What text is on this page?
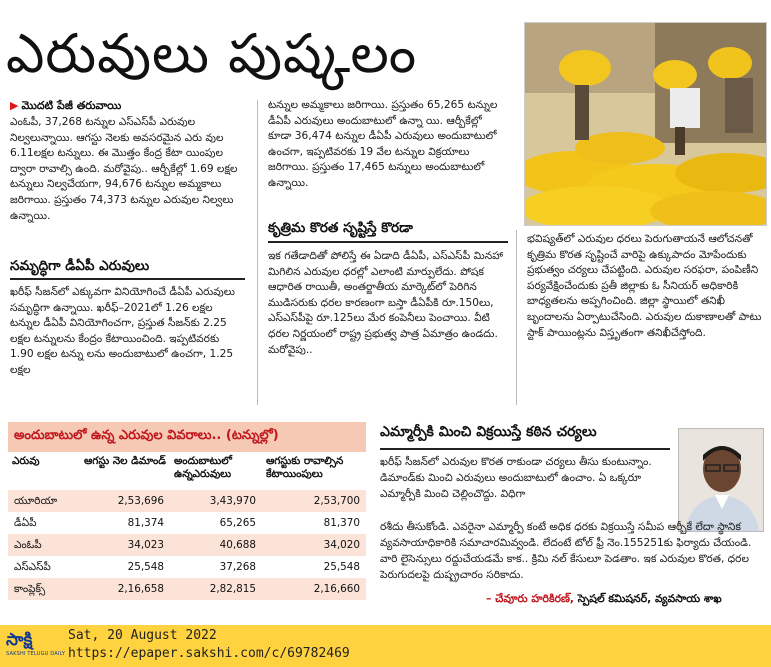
ఎరువులు పుష్కలం
▶ మొదటి పేజీ తరువాయి

ఎంఓపీ, 37,268 టన్నుల ఎస్‌ఎస్‌పీ ఎరువుల నిల్వలున్నాయి. ఆగస్టు నెలకు అవసరమైన ఎరు వుల 6.11లక్షల టన్నులు. ఈ మొత్తం కేంద్ర కేటా యింపుల ద్వారా రావాల్సి ఉంది. మరోవైపు.. ఆర్బీకేల్లో 1.69 లక్షల టన్నులు నిల్వచేయగా, 94,676 టన్నుల అమ్మకాలు జరిగాయి. ప్రస్తుతం 74,373 టన్నుల ఎరువుల నిల్వలు ఉన్నాయి.

సమృద్ధిగా డీఏపీ ఎరువులు

ఖరీఫ్ సీజన్‌లో ఎక్కువగా వినియోగించే డీఏపీ ఎరువులు సమృద్ధిగా ఉన్నాయి. ఖరీఫ్–2021లో 1.26 లక్షల టన్నుల డీఏపీ వినియోగించగా, ప్రస్తుత సీజన్‌కు 2.25 లక్షల టన్నులను కేంద్రం కేటాయించింది. ఇప్పటివరకు 1.90 లక్షల టన్ను లను అందుబాటులో ఉంచగా, 1.25 లక్షల

టన్నుల అమ్మకాలు జరిగాయి. ప్రస్తుతం 65,265 టన్నుల డీఏపీ ఎరువులు అందుబాటులో ఉన్నా యి. ఆర్బీకేల్లో కూడా 36,474 టన్నుల డీఏపీ ఎరువులు అందుబాటులో ఉంచగా, ఇప్పటివరకు 19 వేల టన్నుల విక్రయాలు జరిగాయి. ప్రస్తుతం 17,465 టన్నులు అందుబాటులో ఉన్నాయి.

కృత్రిమ కొరత సృష్టిస్తే కొరడా

ఇక గతేడాదితో పోలిస్తే ఈ ఏడాది డీఏపీ, ఎస్‌ఎస్‌పీ మినహా మిగిలిన ఎరువుల ధరల్లో ఎలాంటి మార్పులేదు. పోషక ఆధారిత రాయితీ, అంతర్జాతీయ మార్కెట్‌లో పెరిగిన ముడిసరుకు ధరల కారణంగా బస్తా డీఏపీకి రూ.150లు, ఎస్‌ఎస్‌పీపై రూ.125లు మేర కంపెనీలు పెంచాయి. వీటి ధరల నిర్ణయంలో రాష్ట్ర ప్రభుత్వ పాత్ర ఏమాత్రం ఉండదు. మరోవైపు..

భవిష్యత్‌లో ఎరువుల ధరలు పెరుగుతాయనే ఆలోచనతో కృత్రిమ కొరత సృష్టించే వారిపై ఉక్కుపాదం మోపేందుకు ప్రభుత్వం చర్యలు చేపట్టింది. ఎరువుల సరఫరా, పంపిణీని పర్యవేక్షించేందుకు ప్రతీ జిల్లాకు ఓ సీనియర్ అధికారికి బాధ్యతలను అప్పగించింది. జిల్లా స్థాయిలో తనిఖీ బృందాలను ఏర్పాటుచేసింది. ఎరువుల దుకాణాలతో పాటు స్టాక్ పాయింట్లను విస్తృతంగా తనిఖీచేస్తోంది.

అందుబాటులో ఉన్న ఎరువుల వివరాలు.. (టన్నుల్లో)
ఎరువు	ఆగస్టు నెల డిమాండ్	అందుబాటులో ఉన్నఎరువులు	ఆగస్టుకు రావాల్సిన కేటాయింపులు
యూరియా	2,53,696	3,43,970	2,53,700
డీఏపీ	81,374	65,265	81,370
ఎంఓపీ	34,023	40,688	34,020
ఎస్‌ఎస్‌పీ	25,548	37,268	25,548
కాంప్లెక్స్	2,16,658	2,82,815	2,16,660
ఎమ్మార్పీకి మించి విక్రయిస్తే కఠిన చర్యలు

ఖరీఫ్ సీజన్‌లో ఎరువుల కొరత రాకుండా చర్యలు తీసు కుంటున్నాం. డిమాండ్‌కు మించి ఎరువులు అందుబాటులో ఉంచాం. ఏ ఒక్కరూ ఎమ్మార్పీకి మించి చెల్లించొద్దు. విధిగా

రశీదు తీసుకోండి. ఎవరైనా ఎమ్మార్పీ కంటే అధిక ధరకు విక్రయిస్తే సమీప ఆర్బీకే లేదా స్థానిక వ్యవసాయాధికారికి సమాచారమివ్వండి. లేదంటే టోల్ ఫ్రీ నెం.155251కు ఫిర్యాదు చేయండి. వారి లైసెన్సులు రద్దుచేయడమే కాక.. క్రిమి నల్ కేసులూ పెడతాం. ఇక ఎరువుల కొరత, ధరల పెరుగుదలపై దుష్ప్రచారం సరికాదు.

– చేవూరు హరికిరణ్, స్పెషల్ కమిషనర్, వ్యవసాయ శాఖ
సాక్షి
SAKSHI TELUGU DAILY
Sat, 20 August 2022
https://epaper.sakshi.com/c/69782469
